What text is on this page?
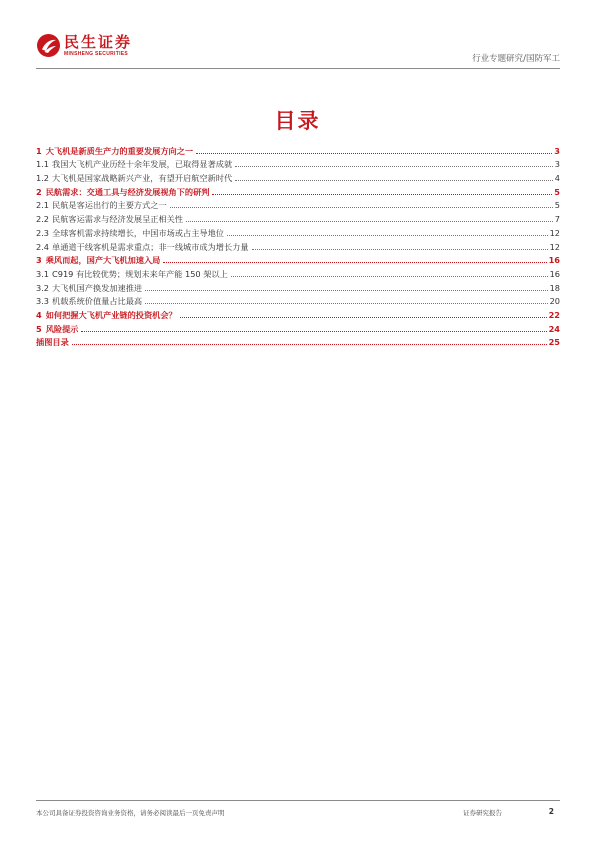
民生证券
MINSHENG SECURITIES
行业专题研究/国防军工
目录
1 大飞机是新质生产力的重要发展方向之一	3
1.1 我国大飞机产业历经十余年发展，已取得显著成就	3
1.2 大飞机是国家战略新兴产业，有望开启航空新时代	4
2 民航需求：交通工具与经济发展视角下的研判	5
2.1 民航是客运出行的主要方式之一	5
2.2 民航客运需求与经济发展呈正相关性	7
2.3 全球客机需求持续增长，中国市场或占主导地位	12
2.4 单通道干线客机是需求重点；非一线城市成为增长力量	12
3 乘风而起，国产大飞机加速入局	16
3.1 C919 有比较优势；规划未来年产能 150 架以上	16
3.2 大飞机国产换发加速推进	18
3.3 机载系统价值量占比最高	20
4 如何把握大飞机产业链的投资机会？	22
5 风险提示	24
插图目录	25
本公司具备证券投资咨询业务资格，请务必阅读最后一页免责声明	证券研究报告	2
